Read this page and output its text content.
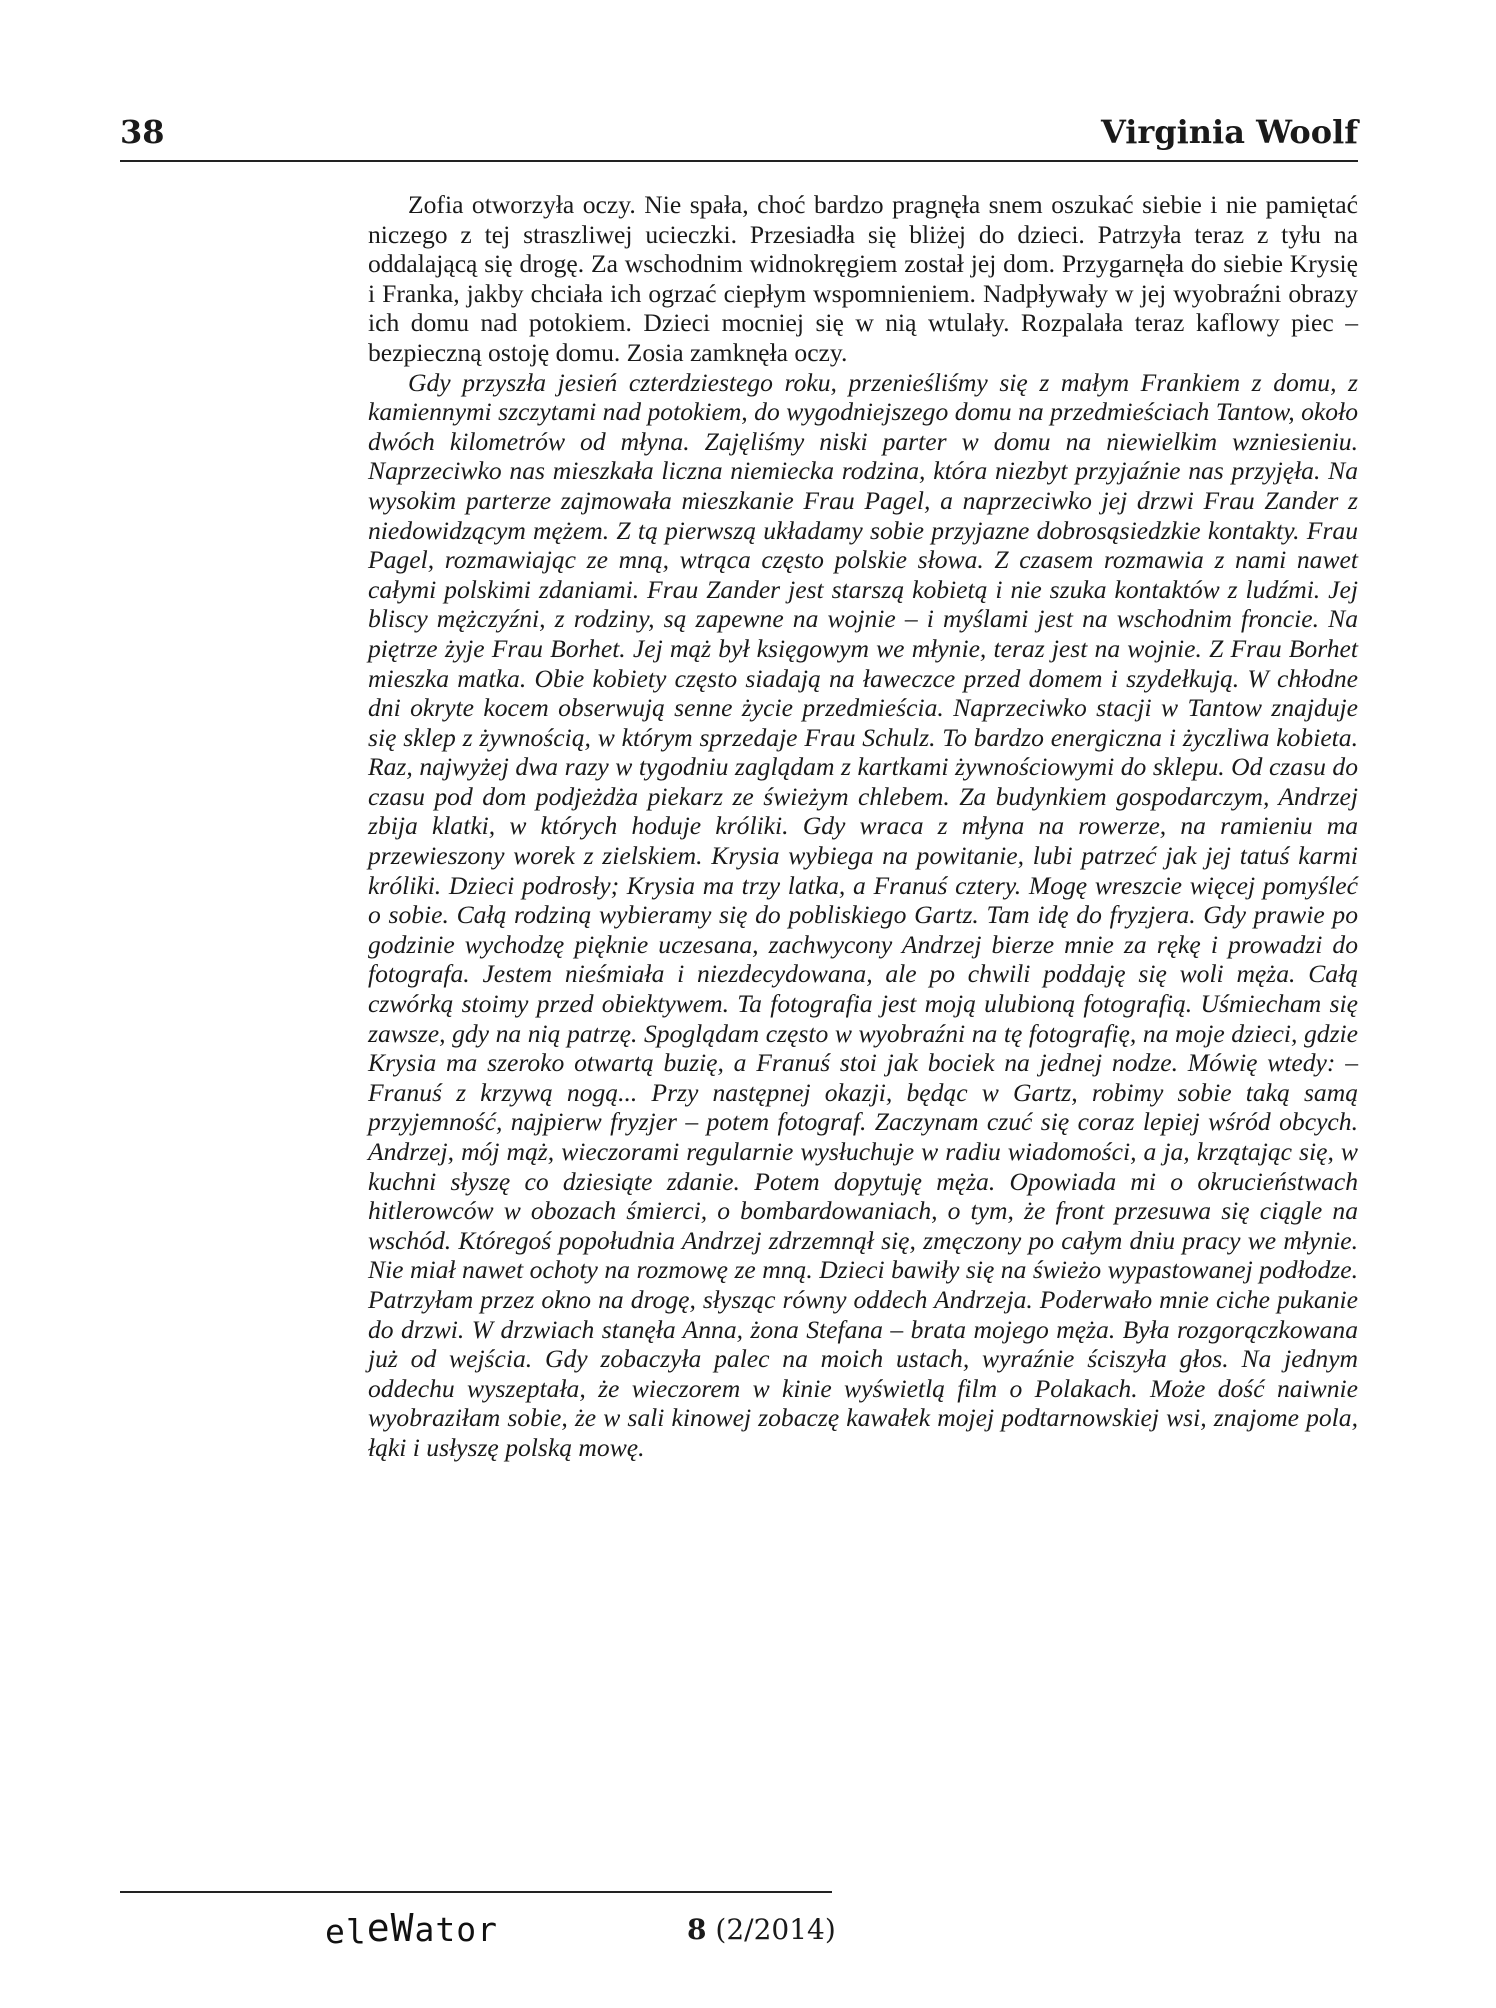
38	Virginia Woolf

Zofia otworzyła oczy. Nie spała, choć bardzo pragnęła snem oszukać siebie i nie pamiętać niczego z tej straszliwej ucieczki. Przesiadła się bliżej do dzieci. Patrzyła teraz z tyłu na oddalającą się drogę. Za wschodnim widnokręgiem został jej dom. Przygarnęła do siebie Krysię i Franka, jakby chciała ich ogrzać ciepłym wspomnieniem. Nadpływały w jej wyobraźni obrazy ich domu nad potokiem. Dzieci mocniej się w nią wtulały. Rozpalała teraz kaflowy piec – bezpieczną ostoję domu. Zosia zamknęła oczy.

Gdy przyszła jesień czterdziestego roku, przenieśliśmy się z małym Frankiem z domu, z kamiennymi szczytami nad potokiem, do wygodniejszego domu na przedmieściach Tantow, około dwóch kilometrów od młyna. Zajęliśmy niski parter w domu na niewielkim wzniesieniu. Naprzeciwko nas mieszkała liczna niemiecka rodzina, która niezbyt przyjaźnie nas przyjęła. Na wysokim parterze zajmowała mieszkanie Frau Pagel, a naprzeciwko jej drzwi Frau Zander z niedowidzącym mężem. Z tą pierwszą układamy sobie przyjazne dobrosąsiedzkie kontakty. Frau Pagel, rozmawiając ze mną, wtrąca często polskie słowa. Z czasem rozmawia z nami nawet całymi polskimi zdaniami. Frau Zander jest starszą kobietą i nie szuka kontaktów z ludźmi. Jej bliscy mężczyźni, z rodziny, są zapewne na wojnie – i myślami jest na wschodnim froncie. Na piętrze żyje Frau Borhet. Jej mąż był księgowym we młynie, teraz jest na wojnie. Z Frau Borhet mieszka matka. Obie kobiety często siadają na ławeczce przed domem i szydełkują. W chłodne dni okryte kocem obserwują senne życie przedmieścia. Naprzeciwko stacji w Tantow znajduje się sklep z żywnością, w którym sprzedaje Frau Schulz. To bardzo energiczna i życzliwa kobieta. Raz, najwyżej dwa razy w tygodniu zaglądam z kartkami żywnościowymi do sklepu. Od czasu do czasu pod dom podjeżdża piekarz ze świeżym chlebem. Za budynkiem gospodarczym, Andrzej zbija klatki, w których hoduje króliki. Gdy wraca z młyna na rowerze, na ramieniu ma przewieszony worek z zielskiem. Krysia wybiega na powitanie, lubi patrzeć jak jej tatuś karmi króliki. Dzieci podrosły; Krysia ma trzy latka, a Franuś cztery. Mogę wreszcie więcej pomyśleć o sobie. Całą rodziną wybieramy się do pobliskiego Gartz. Tam idę do fryzjera. Gdy prawie po godzinie wychodzę pięknie uczesana, zachwycony Andrzej bierze mnie za rękę i prowadzi do fotografa. Jestem nieśmiała i niezdecydowana, ale po chwili poddaję się woli męża. Całą czwórką stoimy przed obiektywem. Ta fotografia jest moją ulubioną fotografią. Uśmiecham się zawsze, gdy na nią patrzę. Spoglądam często w wyobraźni na tę fotografię, na moje dzieci, gdzie Krysia ma szeroko otwartą buzię, a Franuś stoi jak bociek na jednej nodze. Mówię wtedy: – Franuś z krzywą nogą... Przy następnej okazji, będąc w Gartz, robimy sobie taką samą przyjemność, najpierw fryzjer – potem fotograf. Zaczynam czuć się coraz lepiej wśród obcych. Andrzej, mój mąż, wieczorami regularnie wysłuchuje w radiu wiadomości, a ja, krzątając się, w kuchni słyszę co dziesiąte zdanie. Potem dopytuję męża. Opowiada mi o okrucieństwach hitlerowców w obozach śmierci, o bombardowaniach, o tym, że front przesuwa się ciągle na wschód. Któregoś popołudnia Andrzej zdrzemnął się, zmęczony po całym dniu pracy we młynie. Nie miał nawet ochoty na rozmowę ze mną. Dzieci bawiły się na świeżo wypastowanej podłodze. Patrzyłam przez okno na drogę, słysząc równy oddech Andrzeja. Poderwało mnie ciche pukanie do drzwi. W drzwiach stanęła Anna, żona Stefana – brata mojego męża. Była rozgorączkowana już od wejścia. Gdy zobaczyła palec na moich ustach, wyraźnie ściszyła głos. Na jednym oddechu wyszeptała, że wieczorem w kinie wyświetlą film o Polakach. Może dość naiwnie wyobraziłam sobie, że w sali kinowej zobaczę kawałek mojej podtarnowskiej wsi, znajome pola, łąki i usłyszę polską mowę.

eleWator	8 (2/2014)
